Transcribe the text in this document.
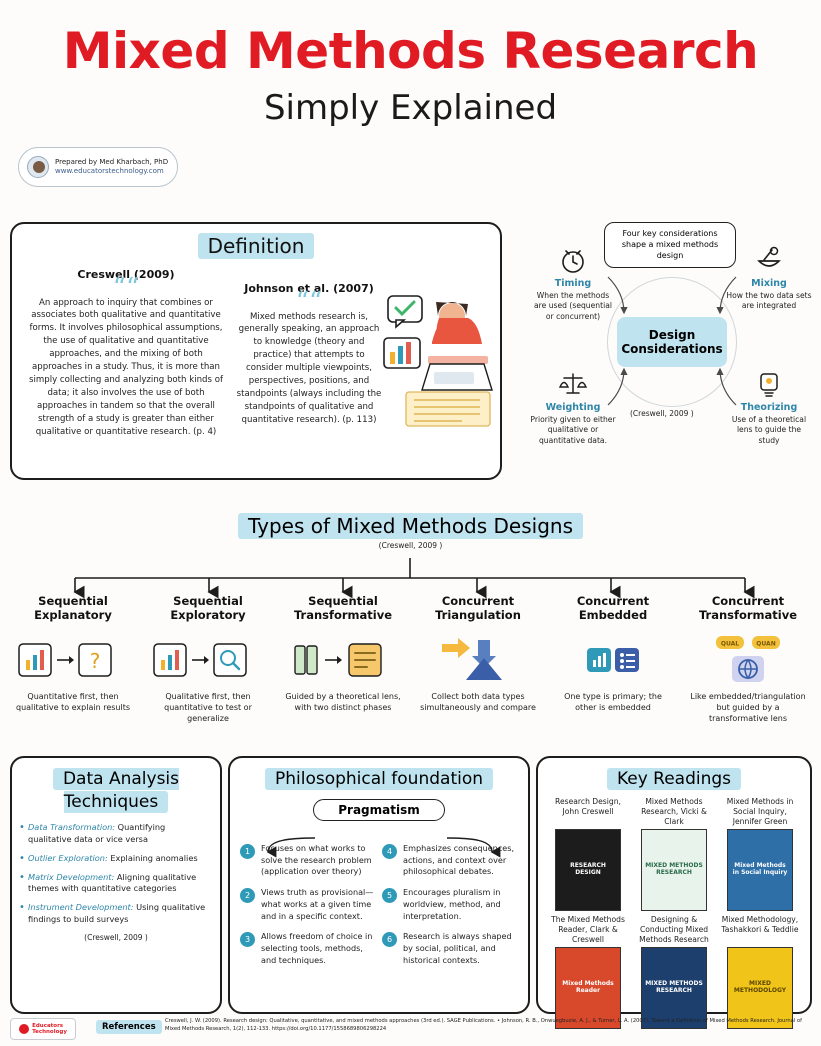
Mixed Methods Research
Simply Explained
Prepared by Med Kharbach, PhD
www.educatorstechnology.com
Definition
Creswell (2009)
““
An approach to inquiry that combines or associates both qualitative and quantitative forms. It involves philosophical assumptions, the use of qualitative and quantitative approaches, and the mixing of both approaches in a study. Thus, it is more than simply collecting and analyzing both kinds of data; it also involves the use of both approaches in tandem so that the overall strength of a study is greater than either qualitative or quantitative research. (p. 4)
Johnson et al. (2007)
““
Mixed methods research is, generally speaking, an approach to knowledge (theory and practice) that attempts to consider multiple viewpoints, perspectives, positions, and standpoints (always including the standpoints of qualitative and quantitative research). (p. 113)
Four key considerations shape a mixed methods design
Design Considerations
Timing
When the methods are used (sequential or concurrent)
Mixing
How the two data sets are integrated
Weighting
Priority given to either qualitative or quantitative data.
Theorizing
Use of a theoretical lens to guide the study
(Creswell, 2009 )
Types of Mixed Methods Designs
(Creswell, 2009 )
Sequential Explanatory
?
Quantitative first, then qualitative to explain results
Sequential Exploratory
Qualitative first, then quantitative to test or generalize
Sequential Transformative
Guided by a theoretical lens, with two distinct phases
Concurrent Triangulation
Collect both data types simultaneously and compare
Concurrent Embedded
One type is primary; the other is embedded
Concurrent Transformative
QUAL	QUAN
Like embedded/triangulation but guided by a transformative lens
Data Analysis Techniques
• Data Transformation: Quantifying qualitative data or vice versa
• Outlier Exploration: Explaining anomalies
• Matrix Development: Aligning qualitative themes with quantitative categories
• Instrument Development: Using qualitative findings to build surveys
(Creswell, 2009 )
Philosophical foundation
Pragmatism
1	Focuses on what works to solve the research problem (application over theory)
2	Views truth as provisional—what works at a given time and in a specific context.
3	Allows freedom of choice in selecting tools, methods, and techniques.
4	Emphasizes consequences, actions, and context over philosophical debates.
5	Encourages pluralism in worldview, method, and interpretation.
6	Research is always shaped by social, political, and historical contexts.
Key Readings
Research Design, John Creswell
RESEARCH DESIGN
Mixed Methods Research, Vicki & Clark
MIXED METHODS RESEARCH
Mixed Methods in Social Inquiry, Jennifer Green
Mixed Methods in Social Inquiry
The Mixed Methods Reader, Clark & Creswell
Mixed Methods Reader
Designing & Conducting Mixed Methods Research
MIXED METHODS RESEARCH
Mixed Methodology, Tashakkori & Teddlie
MIXED METHODOLOGY
Educators
Technology	References
Creswell, J. W. (2009). Research design: Qualitative, quantitative, and mixed methods approaches (3rd ed.). SAGE Publications. • Johnson, R. B., Onwuegbuzie, A. J., & Turner, L. A. (2007). Toward a Definition of Mixed Methods Research. Journal of Mixed Methods Research, 1(2), 112-133. https://doi.org/10.1177/1558689806298224
